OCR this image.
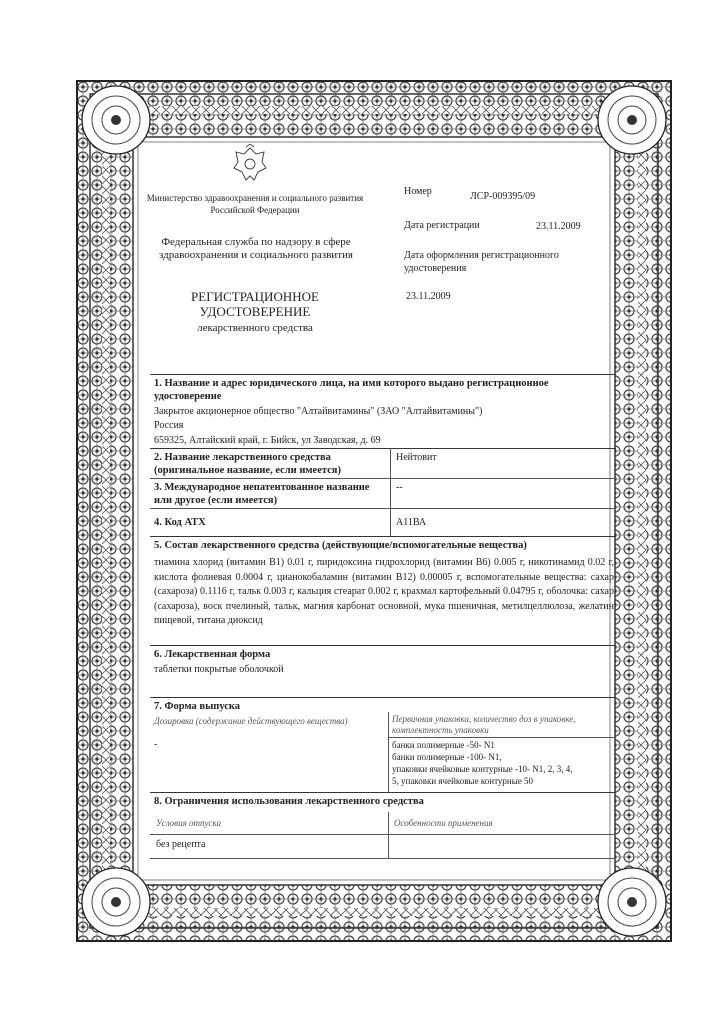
Министерство здравоохранения и социального развития Российской Федерации
Федеральная служба по надзору в сфере здравоохранения и социального развития
РЕГИСТРАЦИОННОЕ
УДОСТОВЕРЕНИЕ
лекарственного средства
Номер	ЛСР-009395/09
Дата регистрации	23.11.2009
Дата оформления регистрационного удостоверения
23.11.2009
1. Название и адрес юридического лица, на имя которого выдано регистрационное удостоверение
Закрытое акционерное общество "Алтайвитамины" (ЗАО "Алтайвитамины")
Россия
659325, Алтайский край, г. Бийск, ул Заводская, д. 69
2. Название лекарственного средства (оригинальное название, если имеется)
Нейтовит
3. Международное непатентованное название или другое (если имеется)
--
4. Код АТХ	А11ВА
5. Состав лекарственного средства (действующие/вспомогательные вещества)
тиамина хлорид (витамин В1) 0.01 г, пиридоксина гидрохлорид (витамин В6) 0.005 г, никотинамид 0.02 г, кислота фолиевая 0.0004 г, цианокобаламин (витамин В12) 0.00005 г, вспомогательные вещества: сахар (сахароза) 0.1116 г, тальк 0.003 г, кальция стеарат 0.002 г, крахмал картофельный 0.04795 г, оболочка: сахар (сахароза), воск пчелиный, тальк, магния карбонат основной, мука пшеничная, метилцеллюлоза, желатин пищевой, титана диоксид
6. Лекарственная форма
таблетки покрытые оболочкой
7. Форма выпуска
Дозировка (содержание действующего вещества)
-
Первичная упаковка, количество доз в упаковке, комплектность упаковки
банки полимерные -50- N1
банки полимерные -100- N1,
упаковки ячейковые контурные -10- N1, 2, 3, 4,
5, упаковки ячейковые контурные 50
8. Ограничения использования лекарственного средства
Условия отпуска	Особенности применения
без рецепта
